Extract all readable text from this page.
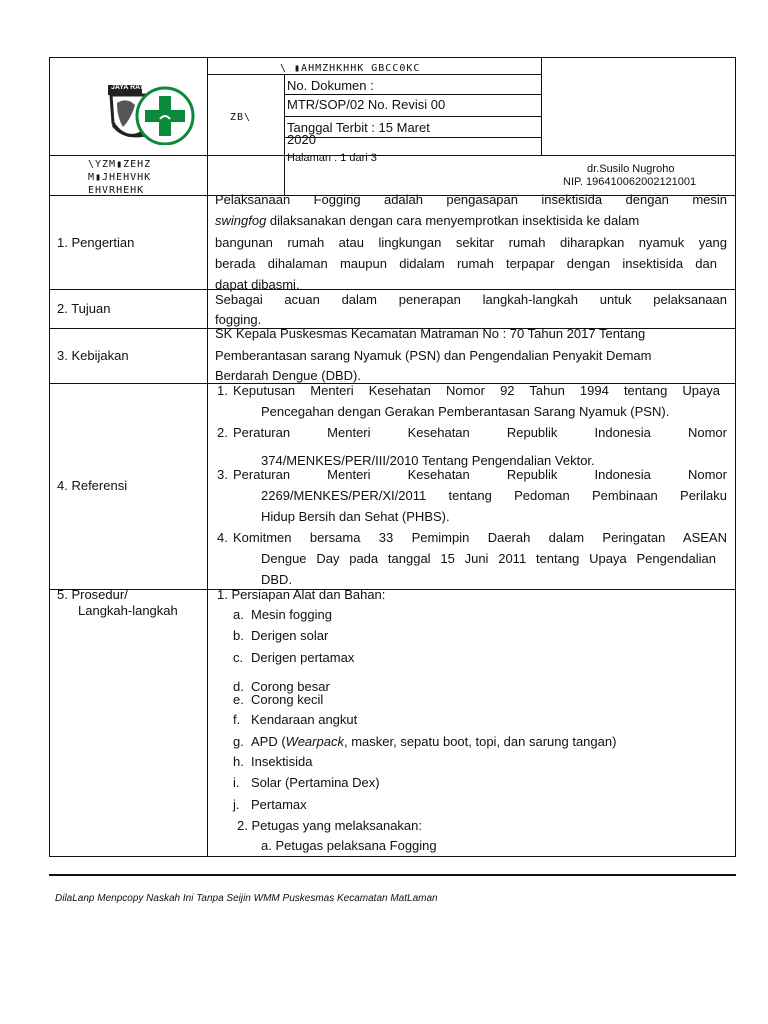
JAYA RAYA
\ ▮AHMZHKHHK GBCC0KC
ZB\
\YZM▮ZEHZ
M▮JHEHVHK
EHVRHEHK
No. Dokumen :
MTR/SOP/02 No. Revisi 00
Tanggal Terbit : 15 Maret
2020
Halaman : 1 dari 3
dr.Susilo Nugroho
NIP. 196410062002121001
1. Pengertian
Pelaksanaan Fogging adalah pengasapan insektisida dengan mesin
swingfog dilaksanakan dengan cara menyemprotkan insektisida ke dalam
bangunan rumah atau lingkungan sekitar rumah diharapkan nyamuk yang
berada dihalaman maupun didalam rumah terpapar dengan insektisida dan
dapat dibasmi.
2. Tujuan
Sebagai acuan dalam penerapan langkah-langkah untuk pelaksanaan
fogging.
3. Kebijakan
SK Kepala Puskesmas Kecamatan Matraman No : 70 Tahun 2017 Tentang
Pemberantasan sarang Nyamuk (PSN) dan Pengendalian Penyakit Demam
Berdarah Dengue (DBD).
4. Referensi
1. Keputusan Menteri Kesehatan Nomor 92 Tahun 1994 tentang Upaya
Pencegahan dengan Gerakan Pemberantasan Sarang Nyamuk (PSN).
2. Peraturan Menteri Kesehatan Republik Indonesia Nomor
374/MENKES/PER/III/2010 Tentang Pengendalian Vektor.
3. Peraturan Menteri Kesehatan Republik Indonesia Nomor
2269/MENKES/PER/XI/2011 tentang Pedoman Pembinaan Perilaku
Hidup Bersih dan Sehat (PHBS).
4. Komitmen bersama 33 Pemimpin Daerah dalam Peringatan ASEAN
Dengue Day pada tanggal 15 Juni 2011 tentang Upaya Pengendalian
DBD.
5. Prosedur/
Langkah-langkah
1. Persiapan Alat dan Bahan:
a. Mesin fogging
b. Derigen solar
c. Derigen pertamax
d. Corong besar
e. Corong kecil
f. Kendaraan angkut
g. APD (Wearpack, masker, sepatu boot, topi, dan sarung tangan)
h. Insektisida
i. Solar (Pertamina Dex)
j. Pertamax
2. Petugas yang melaksanakan:
a. Petugas pelaksana Fogging
DilaLanp Menpcopy Naskah Ini Tanpa Seijin WMM Puskesmas Kecamatan MatLaman
